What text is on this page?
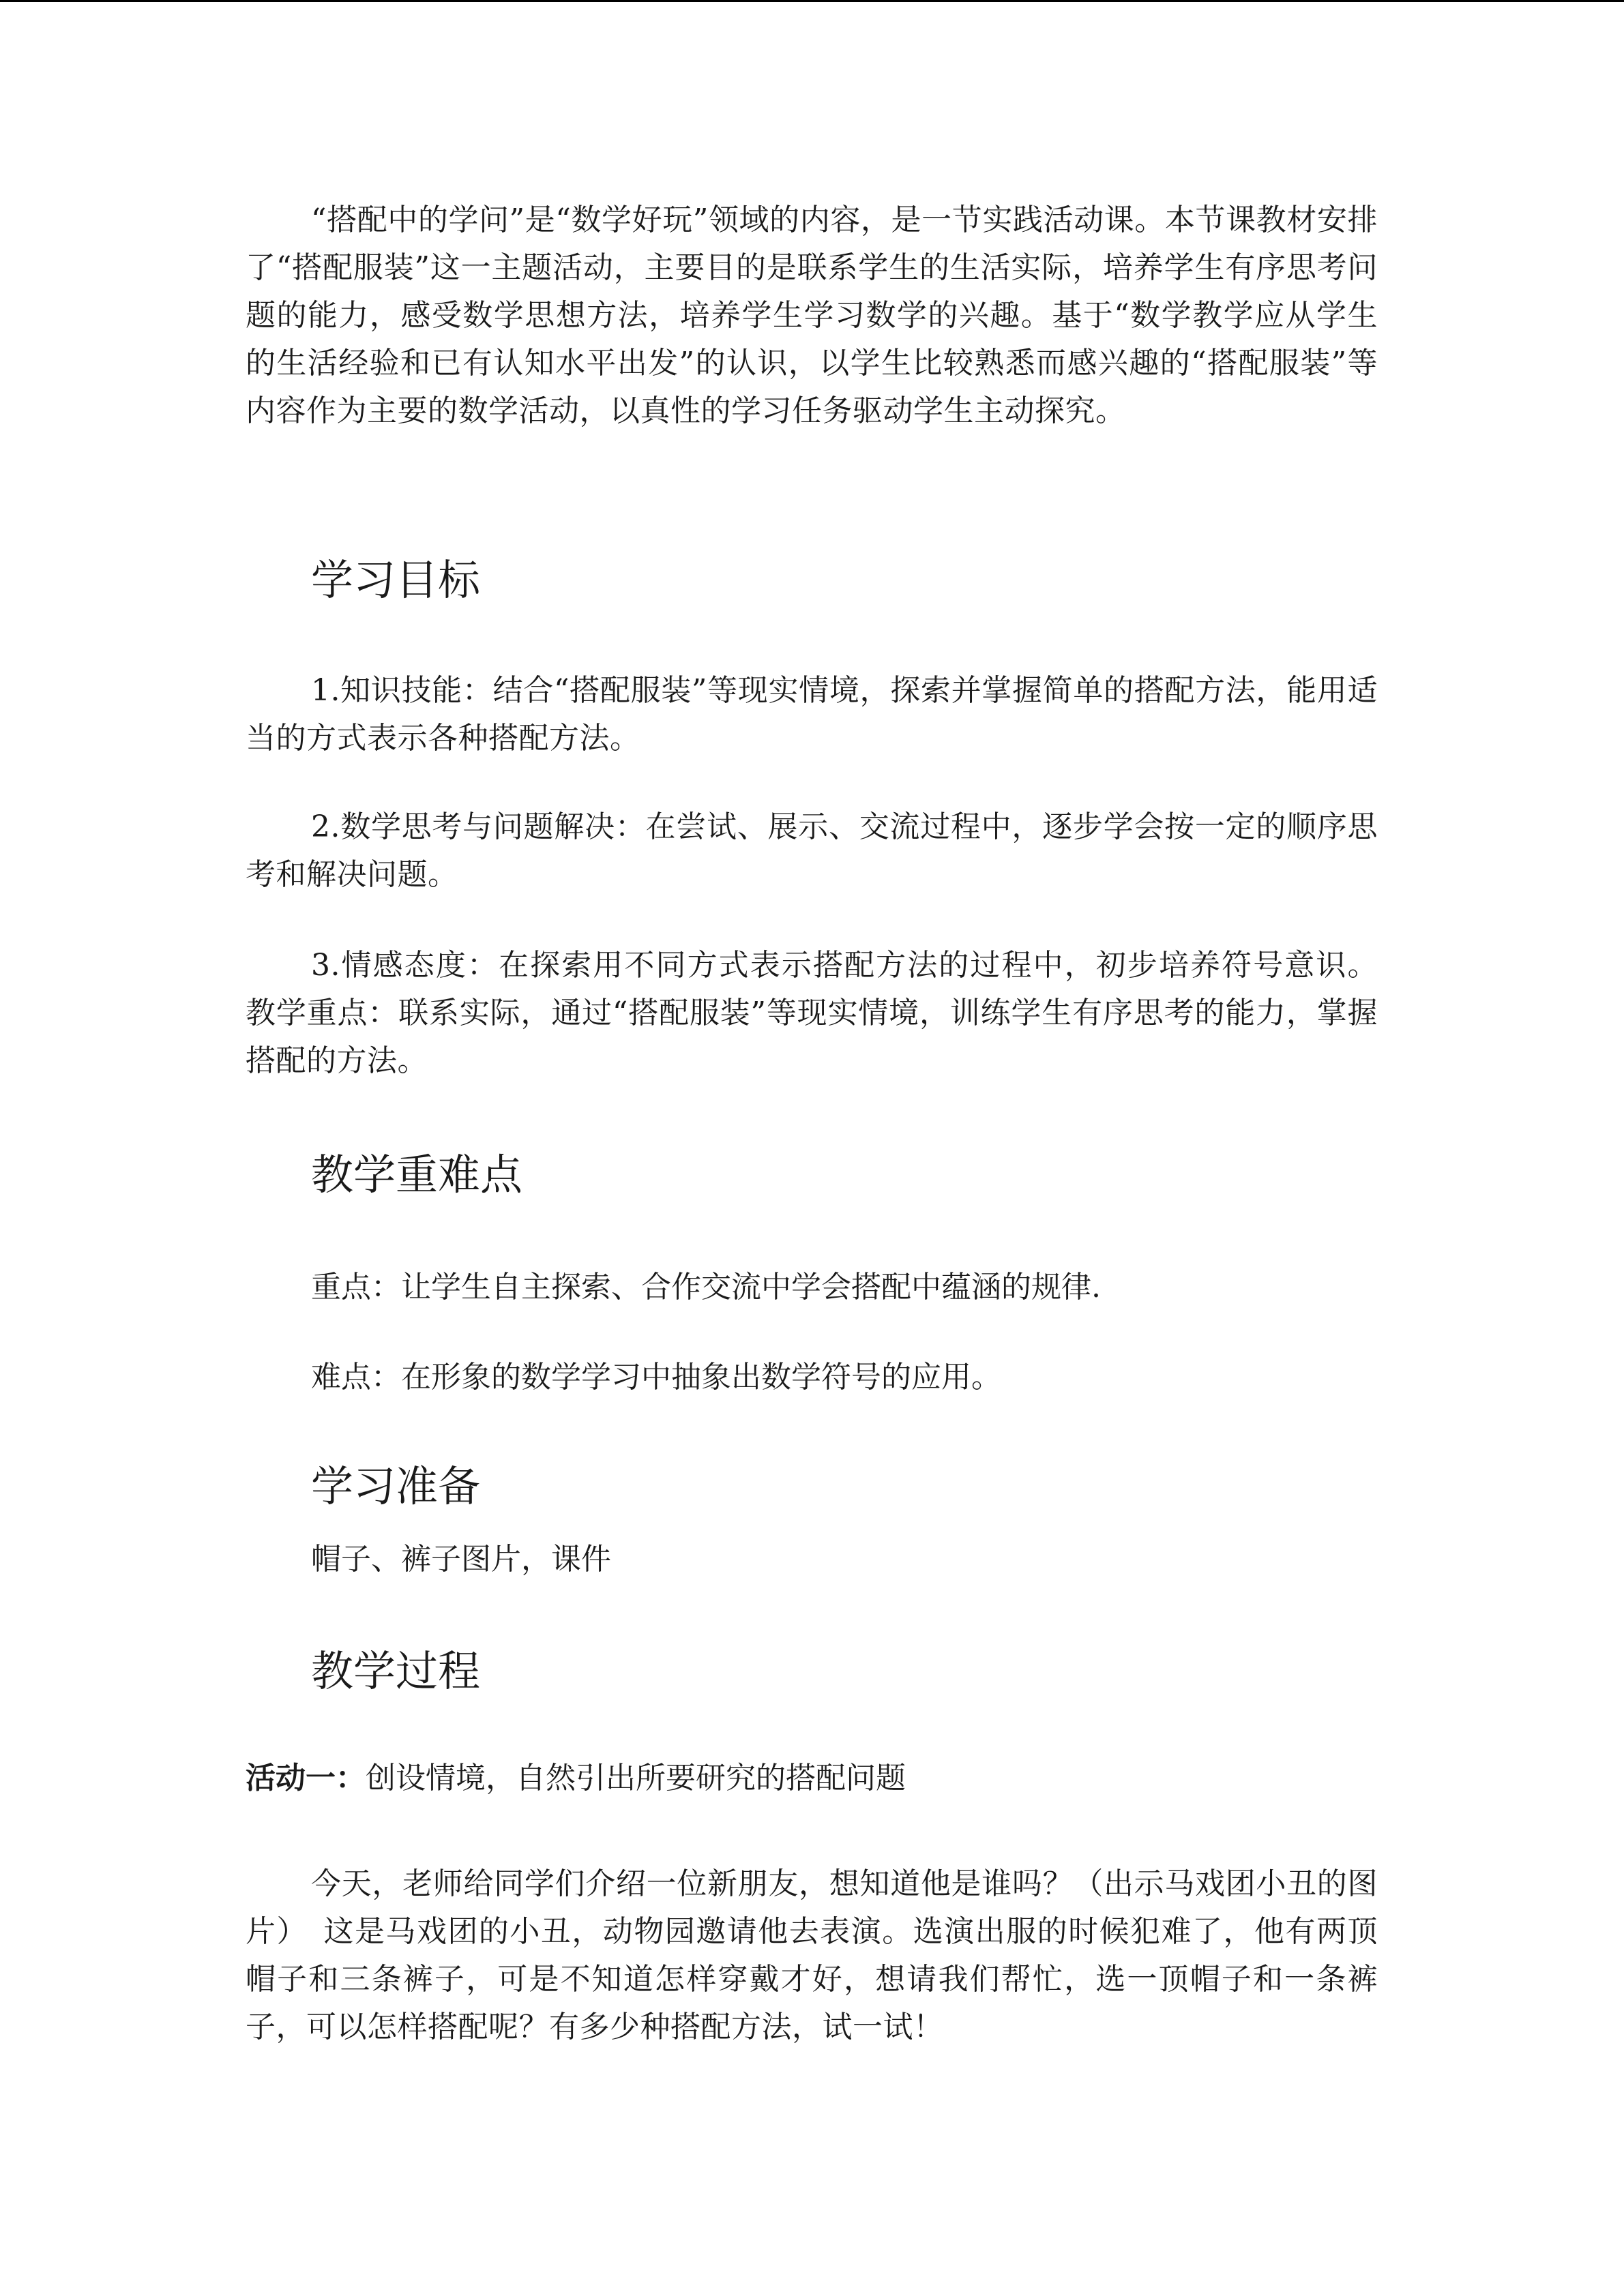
“搭配中的学问”是“数学好玩”领域的内容，是一节实践活动课。本节课教材安排了“搭配服装”这一主题活动，主要目的是联系学生的生活实际，培养学生有序思考问题的能力，感受数学思想方法，培养学生学习数学的兴趣。基于“数学教学应从学生的生活经验和已有认知水平出发”的认识，以学生比较熟悉而感兴趣的“搭配服装”等内容作为主要的数学活动，以真性的学习任务驱动学生主动探究。

学习目标

1.知识技能：结合“搭配服装”等现实情境，探索并掌握简单的搭配方法，能用适当的方式表示各种搭配方法。

2.数学思考与问题解决：在尝试、展示、交流过程中，逐步学会按一定的顺序思考和解决问题。

3.情感态度：在探索用不同方式表示搭配方法的过程中，初步培养符号意识。 教学重点：联系实际，通过“搭配服装”等现实情境，训练学生有序思考的能力，掌握搭配的方法。

教学重难点

重点：让学生自主探索、合作交流中学会搭配中蕴涵的规律.

难点：在形象的数学学习中抽象出数学符号的应用。

学习准备

帽子、裤子图片，课件

教学过程

活动一：创设情境，自然引出所要研究的搭配问题

今天，老师给同学们介绍一位新朋友，想知道他是谁吗？（出示马戏团小丑的图片）　这是马戏团的小丑，动物园邀请他去表演。选演出服的时候犯难了，他有两顶帽子和三条裤子，可是不知道怎样穿戴才好，想请我们帮忙，选一顶帽子和一条裤子，可以怎样搭配呢？有多少种搭配方法，试一试！
